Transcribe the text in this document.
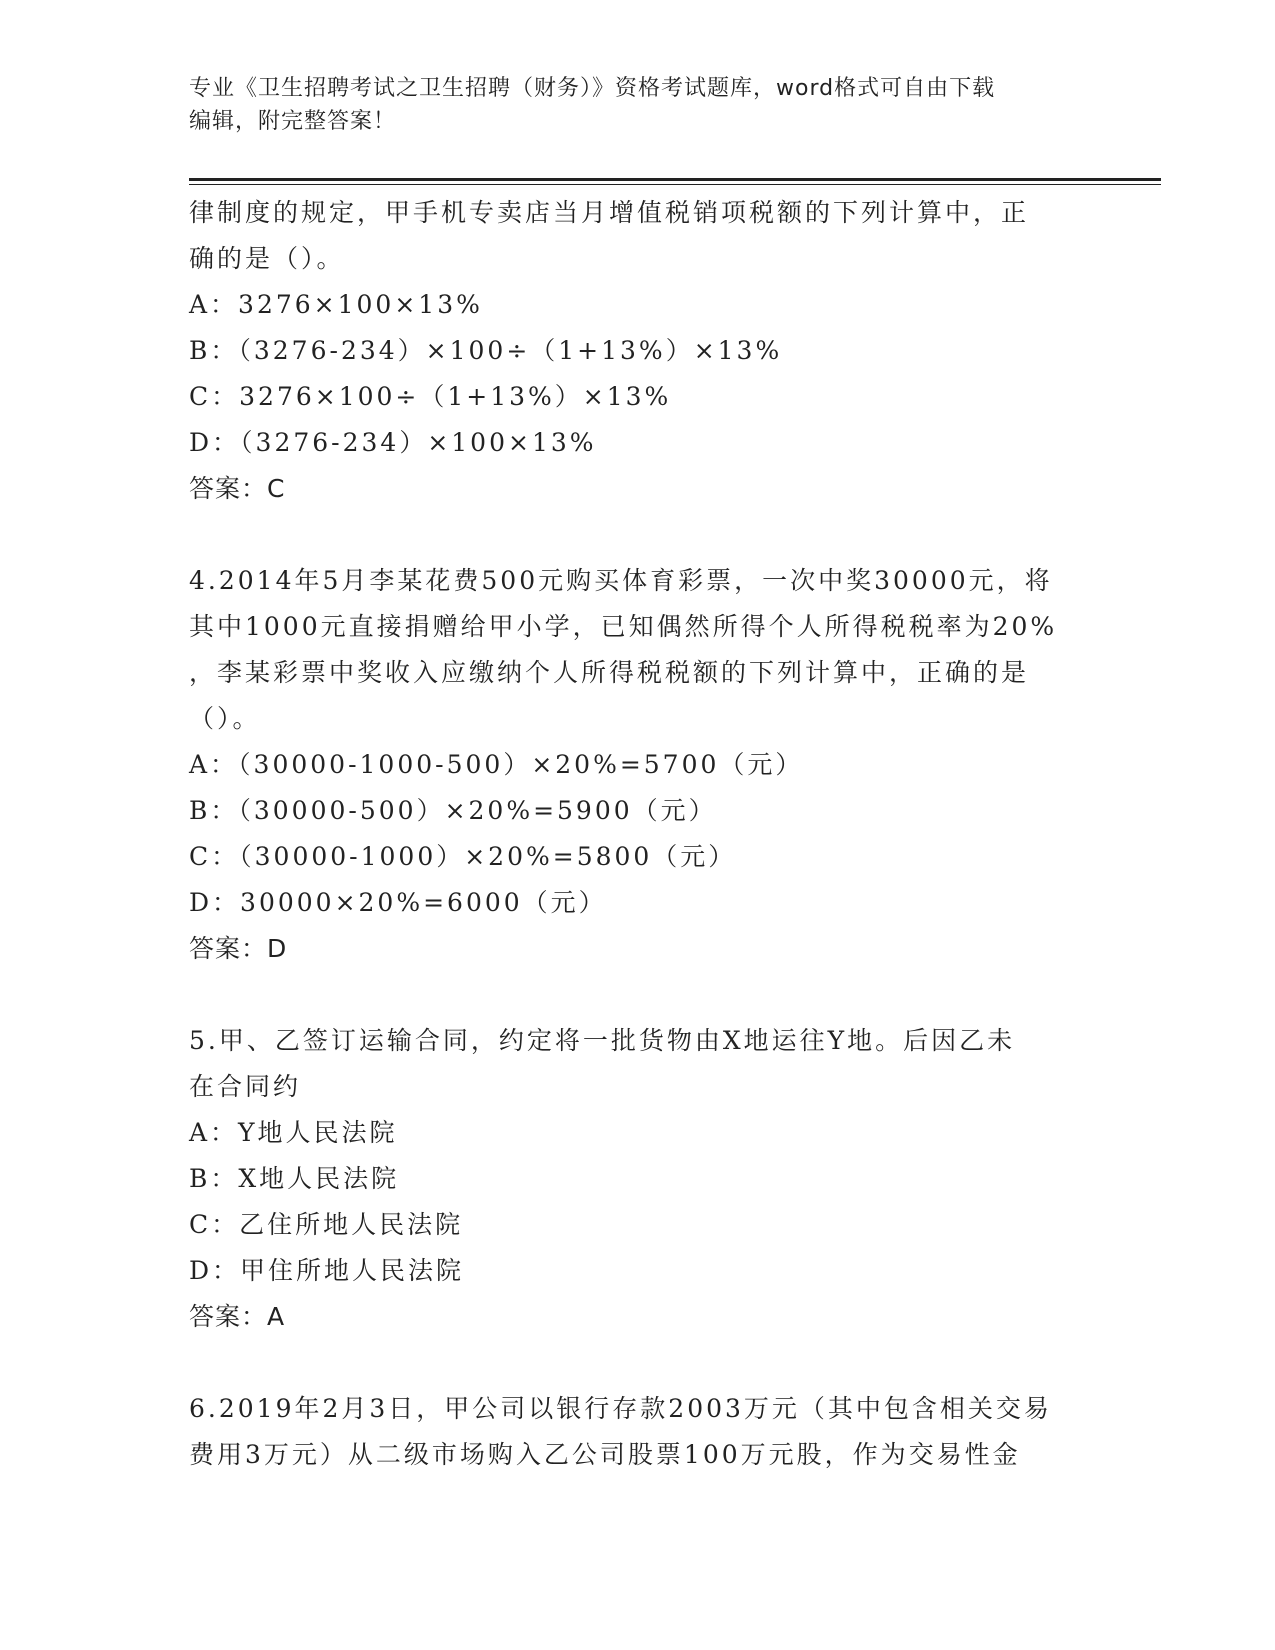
专业《卫生招聘考试之卫生招聘（财务）》资格考试题库，word格式可自由下载
编辑，附完整答案！
律制度的规定，甲手机专卖店当月增值税销项税额的下列计算中，正
确的是（）。
A：3276×100×13%
B：（3276-234）×100÷（1+13%）×13%
C：3276×100÷（1+13%）×13%
D：（3276-234）×100×13%
答案：C
4.2014年5月李某花费500元购买体育彩票，一次中奖30000元，将
其中1000元直接捐赠给甲小学，已知偶然所得个人所得税税率为20%
，李某彩票中奖收入应缴纳个人所得税税额的下列计算中，正确的是
（）。
A：（30000-1000-500）×20%=5700（元）
B：（30000-500）×20%=5900（元）
C：（30000-1000）×20%=5800（元）
D：30000×20%=6000（元）
答案：D
5.甲、乙签订运输合同，约定将一批货物由X地运往Y地。后因乙未
在合同约
A：Y地人民法院
B：X地人民法院
C：乙住所地人民法院
D：甲住所地人民法院
答案：A
6.2019年2月3日，甲公司以银行存款2003万元（其中包含相关交易
费用3万元）从二级市场购入乙公司股票100万元股，作为交易性金
